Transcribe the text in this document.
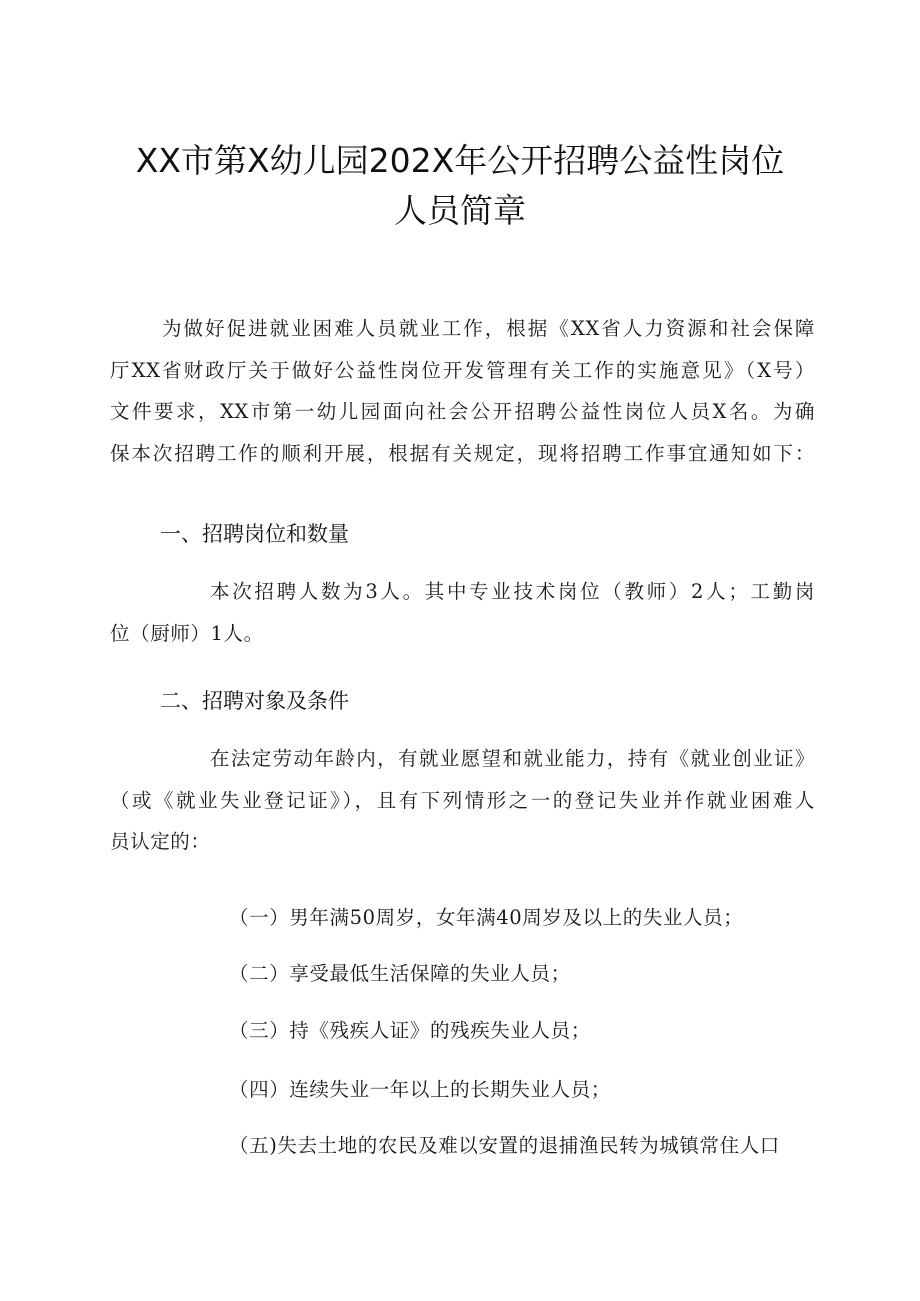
XX市第X幼儿园202X年公开招聘公益性岗位
人员简章
为做好促进就业困难人员就业工作，根据《XX省人力资源和社会保障
厅XX省财政厅关于做好公益性岗位开发管理有关工作的实施意见》（X号）
文件要求，XX市第一幼儿园面向社会公开招聘公益性岗位人员X名。为确
保本次招聘工作的顺利开展，根据有关规定，现将招聘工作事宜通知如下：
一、招聘岗位和数量
本次招聘人数为3人。其中专业技术岗位（教师）2人；工勤岗
位（厨师）1人。
二、招聘对象及条件
在法定劳动年龄内，有就业愿望和就业能力，持有《就业创业证》
（或《就业失业登记证》），且有下列情形之一的登记失业并作就业困难人
员认定的：
（一）男年满50周岁，女年满40周岁及以上的失业人员；
（二）享受最低生活保障的失业人员；
（三）持《残疾人证》的残疾失业人员；
（四）连续失业一年以上的长期失业人员；
（五)失去土地的农民及难以安置的退捕渔民转为城镇常住人口
